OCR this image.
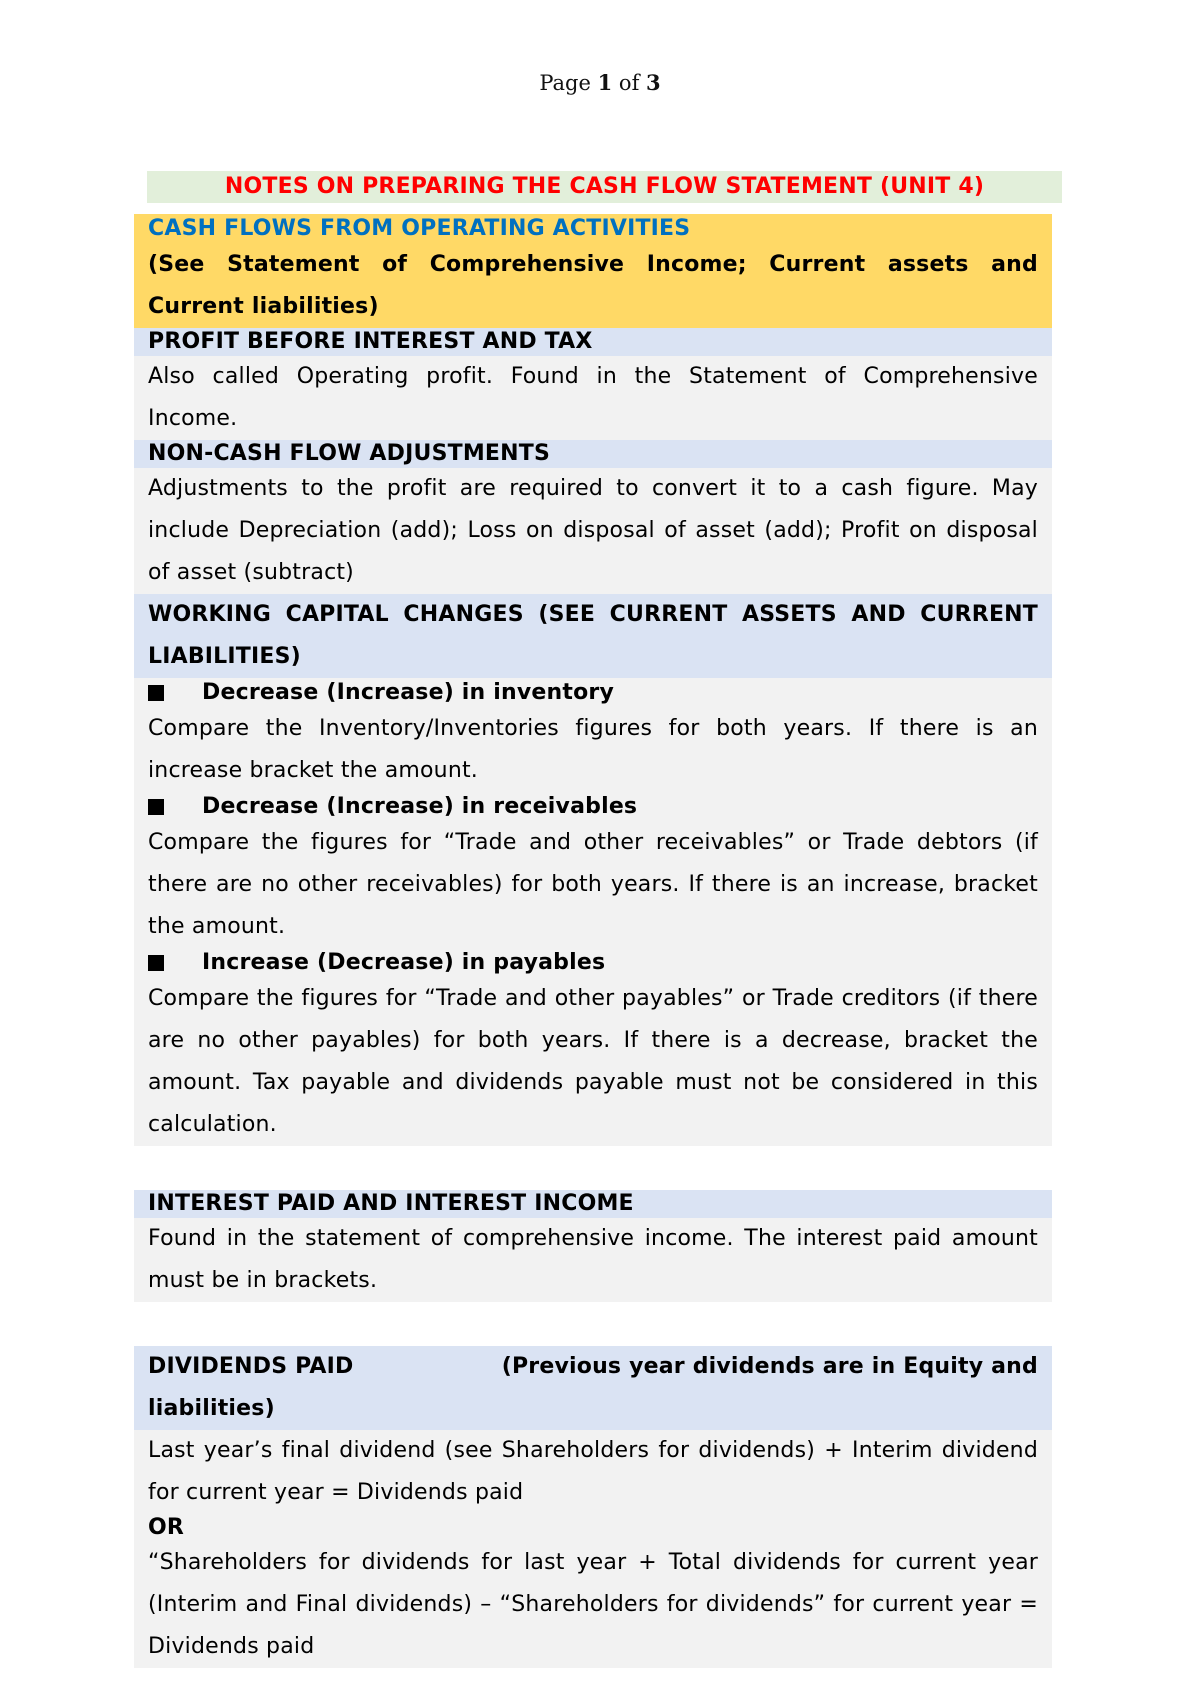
Page 1 of 3
NOTES ON PREPARING THE CASH FLOW STATEMENT (UNIT 4)
CASH FLOWS FROM OPERATING ACTIVITIES
(See Statement of Comprehensive Income; Current assets and Current liabilities)
PROFIT BEFORE INTEREST AND TAX
Also called Operating profit. Found in the Statement of Comprehensive Income.
NON-CASH FLOW ADJUSTMENTS
Adjustments to the profit are required to convert it to a cash figure. May include Depreciation (add); Loss on disposal of asset (add); Profit on disposal of asset (subtract)
WORKING CAPITAL CHANGES (SEE CURRENT ASSETS AND CURRENT LIABILITIES)
Decrease (Increase) in inventory
Compare the Inventory/Inventories figures for both years. If there is an increase bracket the amount.
Decrease (Increase) in receivables
Compare the figures for “Trade and other receivables” or Trade debtors (if there are no other receivables) for both years. If there is an increase, bracket the amount.
Increase (Decrease) in payables
Compare the figures for “Trade and other payables” or Trade creditors (if there are no other payables) for both years. If there is a decrease, bracket the amount. Tax payable and dividends payable must not be considered in this calculation.
INTEREST PAID AND INTEREST INCOME
Found in the statement of comprehensive income. The interest paid amount must be in brackets.
DIVIDENDS PAID	(Previous year dividends are in Equity and
liabilities)
Last year’s final dividend (see Shareholders for dividends) + Interim dividend for current year = Dividends paid
OR
“Shareholders for dividends for last year + Total dividends for current year (Interim and Final dividends) – “Shareholders for dividends” for current year = Dividends paid
